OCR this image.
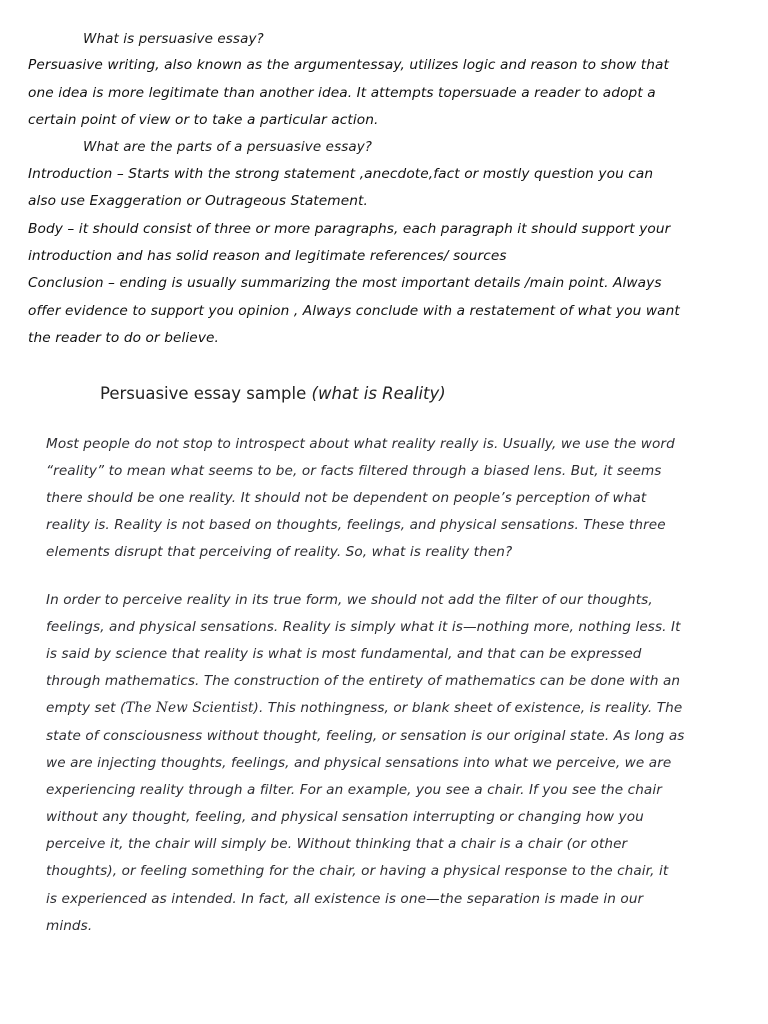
What is persuasive essay?

Persuasive writing, also known as the argumentessay, utilizes logic and reason to show that

one idea is more legitimate than another idea. It attempts topersuade a reader to adopt a

certain point of view or to take a particular action.

What are the parts of a persuasive essay?

Introduction – Starts with the strong statement ,anecdote,fact or mostly question you can

also use Exaggeration or Outrageous Statement.

Body – it should consist of three or more paragraphs, each paragraph it should support your

introduction and has solid reason and legitimate references/ sources

Conclusion – ending is usually summarizing the most important details /main point. Always

offer evidence to support you opinion , Always conclude with a restatement of what you want

the reader to do or believe.

Persuasive essay sample (what is Reality)

Most people do not stop to introspect about what reality really is. Usually, we use the word

“reality” to mean what seems to be, or facts filtered through a biased lens. But, it seems

there should be one reality. It should not be dependent on people’s perception of what

reality is. Reality is not based on thoughts, feelings, and physical sensations. These three

elements disrupt that perceiving of reality. So, what is reality then?

In order to perceive reality in its true form, we should not add the filter of our thoughts,

feelings, and physical sensations. Reality is simply what it is—nothing more, nothing less. It

is said by science that reality is what is most fundamental, and that can be expressed

through mathematics. The construction of the entirety of mathematics can be done with an

empty set (The New Scientist). This nothingness, or blank sheet of existence, is reality. The

state of consciousness without thought, feeling, or sensation is our original state. As long as

we are injecting thoughts, feelings, and physical sensations into what we perceive, we are

experiencing reality through a filter. For an example, you see a chair. If you see the chair

without any thought, feeling, and physical sensation interrupting or changing how you

perceive it, the chair will simply be. Without thinking that a chair is a chair (or other

thoughts), or feeling something for the chair, or having a physical response to the chair, it

is experienced as intended. In fact, all existence is one—the separation is made in our

minds.
